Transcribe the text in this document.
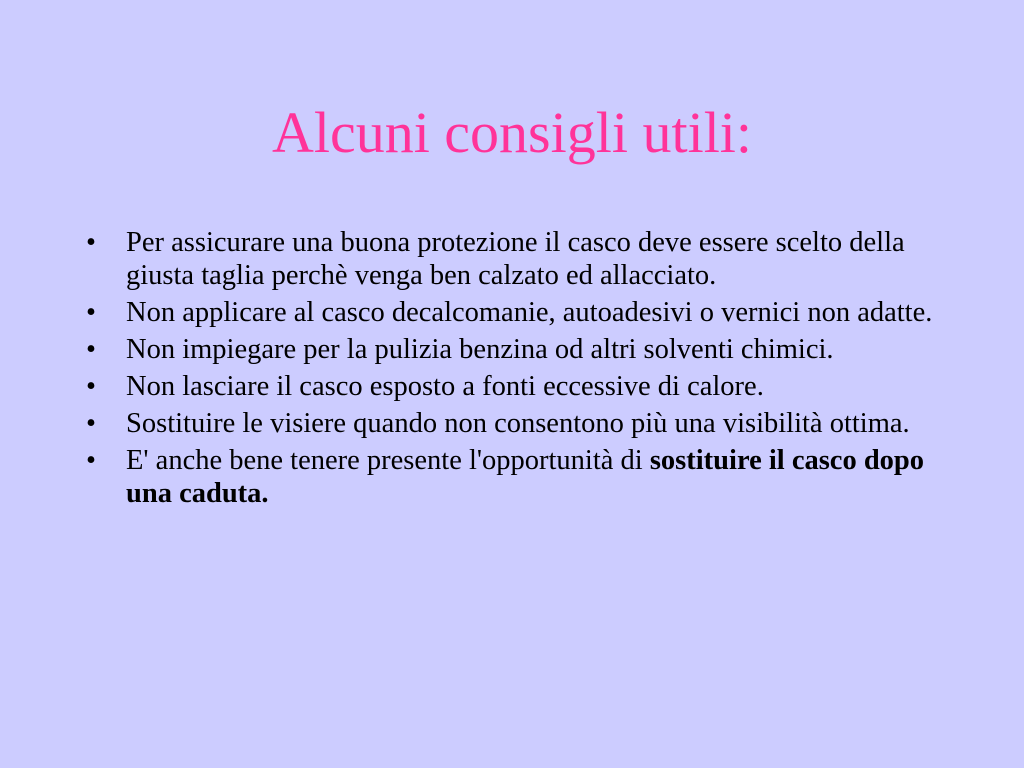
Alcuni consigli utili:
• Per assicurare una buona protezione il casco deve essere scelto della giusta taglia perchè venga ben calzato ed allacciato.
• Non applicare al casco decalcomanie, autoadesivi o vernici non adatte.
• Non impiegare per la pulizia benzina od altri solventi chimici.
• Non lasciare il casco esposto a fonti eccessive di calore.
• Sostituire le visiere quando non consentono più una visibilità ottima.
• E' anche bene tenere presente l'opportunità di sostituire il casco dopo una caduta.
